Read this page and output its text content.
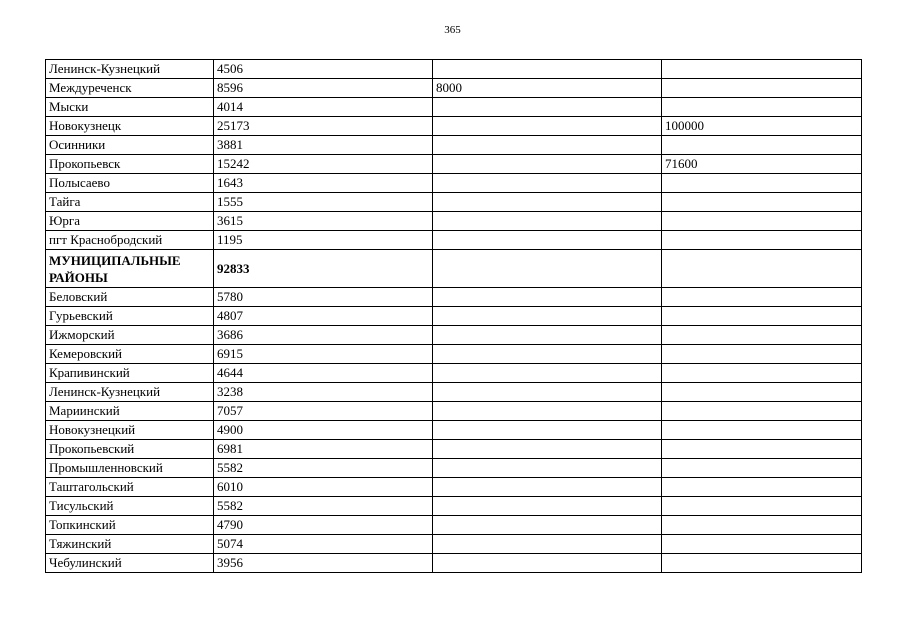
365
Ленинск-Кузнецкий	4506		
Междуреченск	8596	8000	
Мыски	4014		
Новокузнецк	25173		100000
Осинники	3881		
Прокопьевск	15242		71600
Полысаево	1643		
Тайга	1555		
Юрга	3615		
пгт Краснобродский	1195		
МУНИЦИПАЛЬНЫЕ РАЙОНЫ	92833		
Беловский	5780		
Гурьевский	4807		
Ижморский	3686		
Кемеровский	6915		
Крапивинский	4644		
Ленинск-Кузнецкий	3238		
Мариинский	7057		
Новокузнецкий	4900		
Прокопьевский	6981		
Промышленновский	5582		
Таштагольский	6010		
Тисульский	5582		
Топкинский	4790		
Тяжинский	5074		
Чебулинский	3956		
